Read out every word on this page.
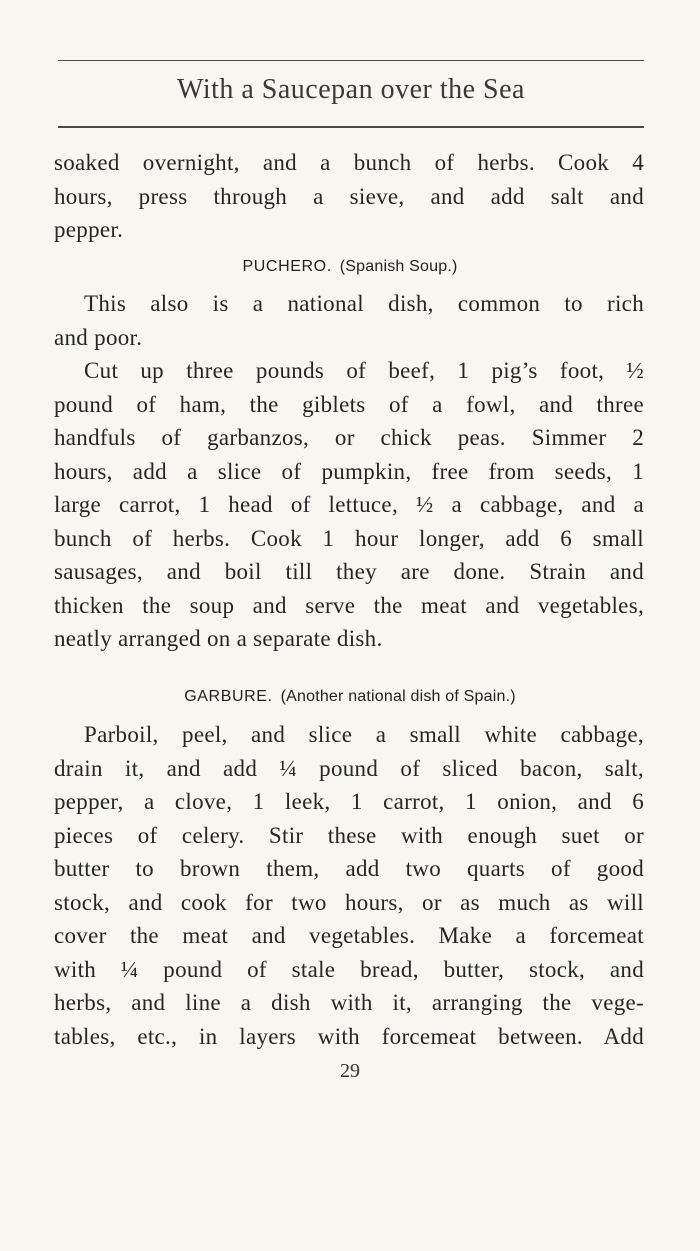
With a Saucepan over the Sea
soaked overnight, and a bunch of herbs. Cook 4
hours, press through a sieve, and add salt and
pepper.
PUCHERO. (Spanish Soup.)
This also is a national dish, common to rich
and poor.
Cut up three pounds of beef, 1 pig’s foot, ½
pound of ham, the giblets of a fowl, and three
handfuls of garbanzos, or chick peas. Simmer 2
hours, add a slice of pumpkin, free from seeds, 1
large carrot, 1 head of lettuce, ½ a cabbage, and a
bunch of herbs. Cook 1 hour longer, add 6 small
sausages, and boil till they are done. Strain and
thicken the soup and serve the meat and vegetables,
neatly arranged on a separate dish.
GARBURE. (Another national dish of Spain.)
Parboil, peel, and slice a small white cabbage,
drain it, and add ¼ pound of sliced bacon, salt,
pepper, a clove, 1 leek, 1 carrot, 1 onion, and 6
pieces of celery. Stir these with enough suet or
butter to brown them, add two quarts of good
stock, and cook for two hours, or as much as will
cover the meat and vegetables. Make a forcemeat
with ¼ pound of stale bread, butter, stock, and
herbs, and line a dish with it, arranging the vege-
tables, etc., in layers with forcemeat between. Add
29
